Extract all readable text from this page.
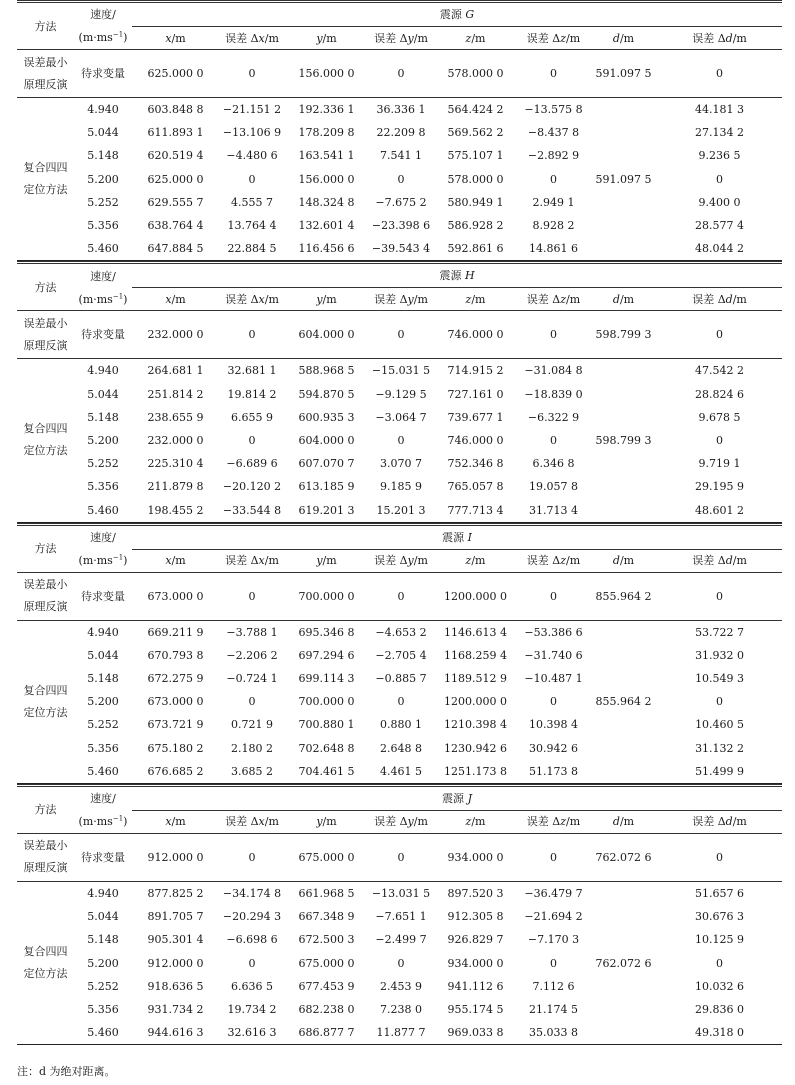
方法	速度/	震源 G							
	$(m\cdot ms^{-1})$	x/m	误差 Δx/m	y/m	误差 Δy/m	z/m	误差 Δz/m	d/m	误差 Δd/m

误差最小
原理反演	待求变量	625.000 0	0	156.000 0	0	578.000 0	0	591.097 5	0

复合四四
定位方法	4.940	603.848 8	−21.151 2	192.336 1	36.336 1	564.424 2	−13.575 8		44.181 3
	5.044	611.893 1	−13.106 9	178.209 8	22.209 8	569.562 2	−8.437 8		27.134 2
	5.148	620.519 4	−4.480 6	163.541 1	7.541 1	575.107 1	−2.892 9		9.236 5
	5.200	625.000 0	0	156.000 0	0	578.000 0	0	591.097 5	0
	5.252	629.555 7	4.555 7	148.324 8	−7.675 2	580.949 1	2.949 1		9.400 0
	5.356	638.764 4	13.764 4	132.601 4	−23.398 6	586.928 2	8.928 2		28.577 4
	5.460	647.884 5	22.884 5	116.456 6	−39.543 4	592.861 6	14.861 6		48.044 2
方法	速度/	震源 H							
	$(m\cdot ms^{-1})$	x/m	误差 Δx/m	y/m	误差 Δy/m	z/m	误差 Δz/m	d/m	误差 Δd/m

误差最小
原理反演	待求变量	232.000 0	0	604.000 0	0	746.000 0	0	598.799 3	0

复合四四
定位方法	4.940	264.681 1	32.681 1	588.968 5	−15.031 5	714.915 2	−31.084 8		47.542 2
	5.044	251.814 2	19.814 2	594.870 5	−9.129 5	727.161 0	−18.839 0		28.824 6
	5.148	238.655 9	6.655 9	600.935 3	−3.064 7	739.677 1	−6.322 9		9.678 5
	5.200	232.000 0	0	604.000 0	0	746.000 0	0	598.799 3	0
	5.252	225.310 4	−6.689 6	607.070 7	3.070 7	752.346 8	6.346 8		9.719 1
	5.356	211.879 8	−20.120 2	613.185 9	9.185 9	765.057 8	19.057 8		29.195 9
	5.460	198.455 2	−33.544 8	619.201 3	15.201 3	777.713 4	31.713 4		48.601 2
方法	速度/	震源 I							
	$(m\cdot ms^{-1})$	x/m	误差 Δx/m	y/m	误差 Δy/m	z/m	误差 Δz/m	d/m	误差 Δd/m

误差最小
原理反演	待求变量	673.000 0	0	700.000 0	0	1200.000 0	0	855.964 2	0

复合四四
定位方法	4.940	669.211 9	−3.788 1	695.346 8	−4.653 2	1146.613 4	−53.386 6		53.722 7
	5.044	670.793 8	−2.206 2	697.294 6	−2.705 4	1168.259 4	−31.740 6		31.932 0
	5.148	672.275 9	−0.724 1	699.114 3	−0.885 7	1189.512 9	−10.487 1		10.549 3
	5.200	673.000 0	0	700.000 0	0	1200.000 0	0	855.964 2	0
	5.252	673.721 9	0.721 9	700.880 1	0.880 1	1210.398 4	10.398 4		10.460 5
	5.356	675.180 2	2.180 2	702.648 8	2.648 8	1230.942 6	30.942 6		31.132 2
	5.460	676.685 2	3.685 2	704.461 5	4.461 5	1251.173 8	51.173 8		51.499 9
方法	速度/	震源 J							
	$(m\cdot ms^{-1})$	x/m	误差 Δx/m	y/m	误差 Δy/m	z/m	误差 Δz/m	d/m	误差 Δd/m

误差最小
原理反演	待求变量	912.000 0	0	675.000 0	0	934.000 0	0	762.072 6	0

复合四四
定位方法	4.940	877.825 2	−34.174 8	661.968 5	−13.031 5	897.520 3	−36.479 7		51.657 6
	5.044	891.705 7	−20.294 3	667.348 9	−7.651 1	912.305 8	−21.694 2		30.676 3
	5.148	905.301 4	−6.698 6	672.500 3	−2.499 7	926.829 7	−7.170 3		10.125 9
	5.200	912.000 0	0	675.000 0	0	934.000 0	0	762.072 6	0
	5.252	918.636 5	6.636 5	677.453 9	2.453 9	941.112 6	7.112 6		10.032 6
	5.356	931.734 2	19.734 2	682.238 0	7.238 0	955.174 5	21.174 5		29.836 0
	5.460	944.616 3	32.616 3	686.877 7	11.877 7	969.033 8	35.033 8		49.318 0
注：d 为绝对距离。
